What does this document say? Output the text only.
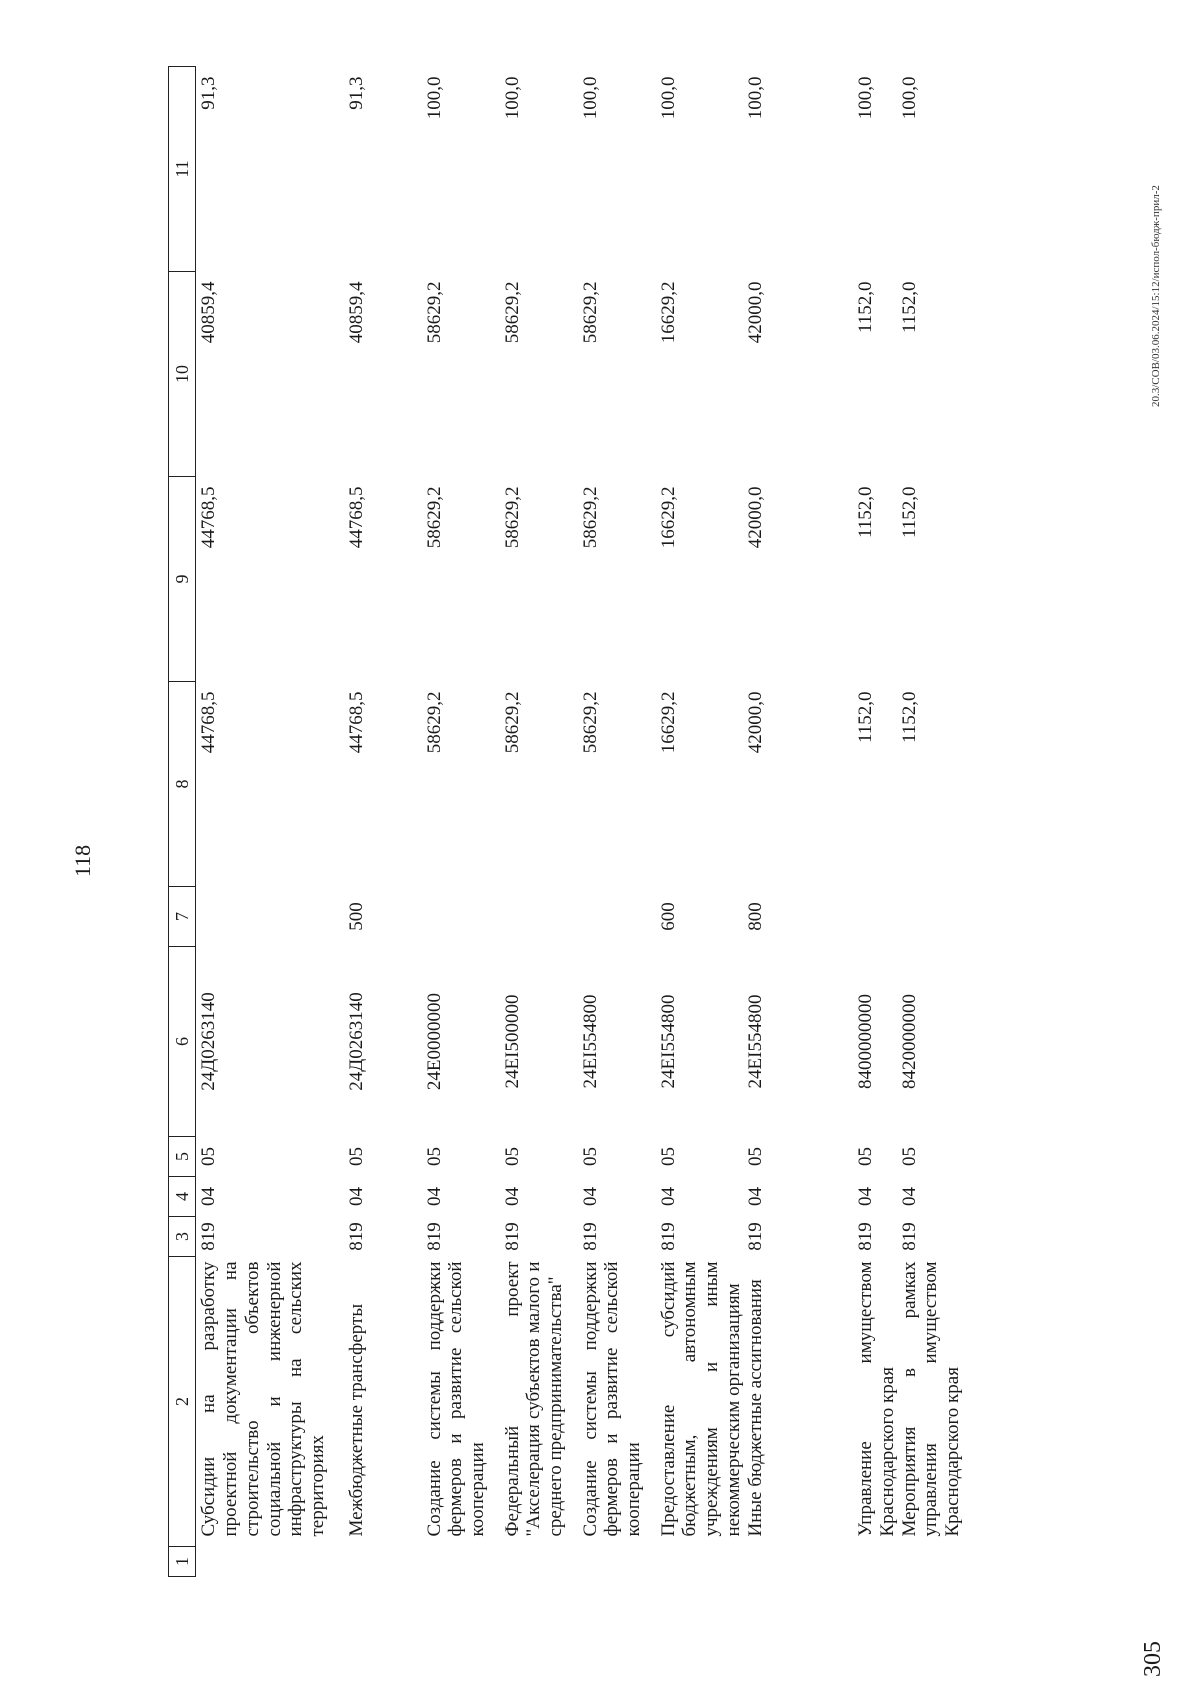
118
1	2	3	4	5	6	7	8	9	10	11
	Субсидии на разработку проектной документации на строительство объектов социальной и инженерной инфраструктуры на сельских территориях	819	04	05	24Д0263140		44768,5	44768,5	40859,4	91,3
	Межбюджетные трансферты	819	04	05	24Д0263140	500	44768,5	44768,5	40859,4	91,3
	Создание системы поддержки фермеров и развитие сельской кооперации	819	04	05	24E0000000		58629,2	58629,2	58629,2	100,0
	Федеральный проект "Акселерация субъектов малого и среднего предпринимательства"	819	04	05	24EI500000		58629,2	58629,2	58629,2	100,0
	Создание системы поддержки фермеров и развитие сельской кооперации	819	04	05	24EI554800		58629,2	58629,2	58629,2	100,0
	Предоставление субсидий бюджетным, автономным учреждениям и иным некоммерческим организациям	819	04	05	24EI554800	600	16629,2	16629,2	16629,2	100,0
	Иные бюджетные ассигнования	819	04	05	24EI554800	800	42000,0	42000,0	42000,0	100,0
	Управление имуществом Краснодарского края	819	04	05	8400000000		1152,0	1152,0	1152,0	100,0
	Мероприятия в рамках управления имуществом Краснодарского края	819	04	05	8420000000		1152,0	1152,0	1152,0	100,0
20.3/СОВ/03.06.2024/15:12/испол-бюдж-прил-2
305
